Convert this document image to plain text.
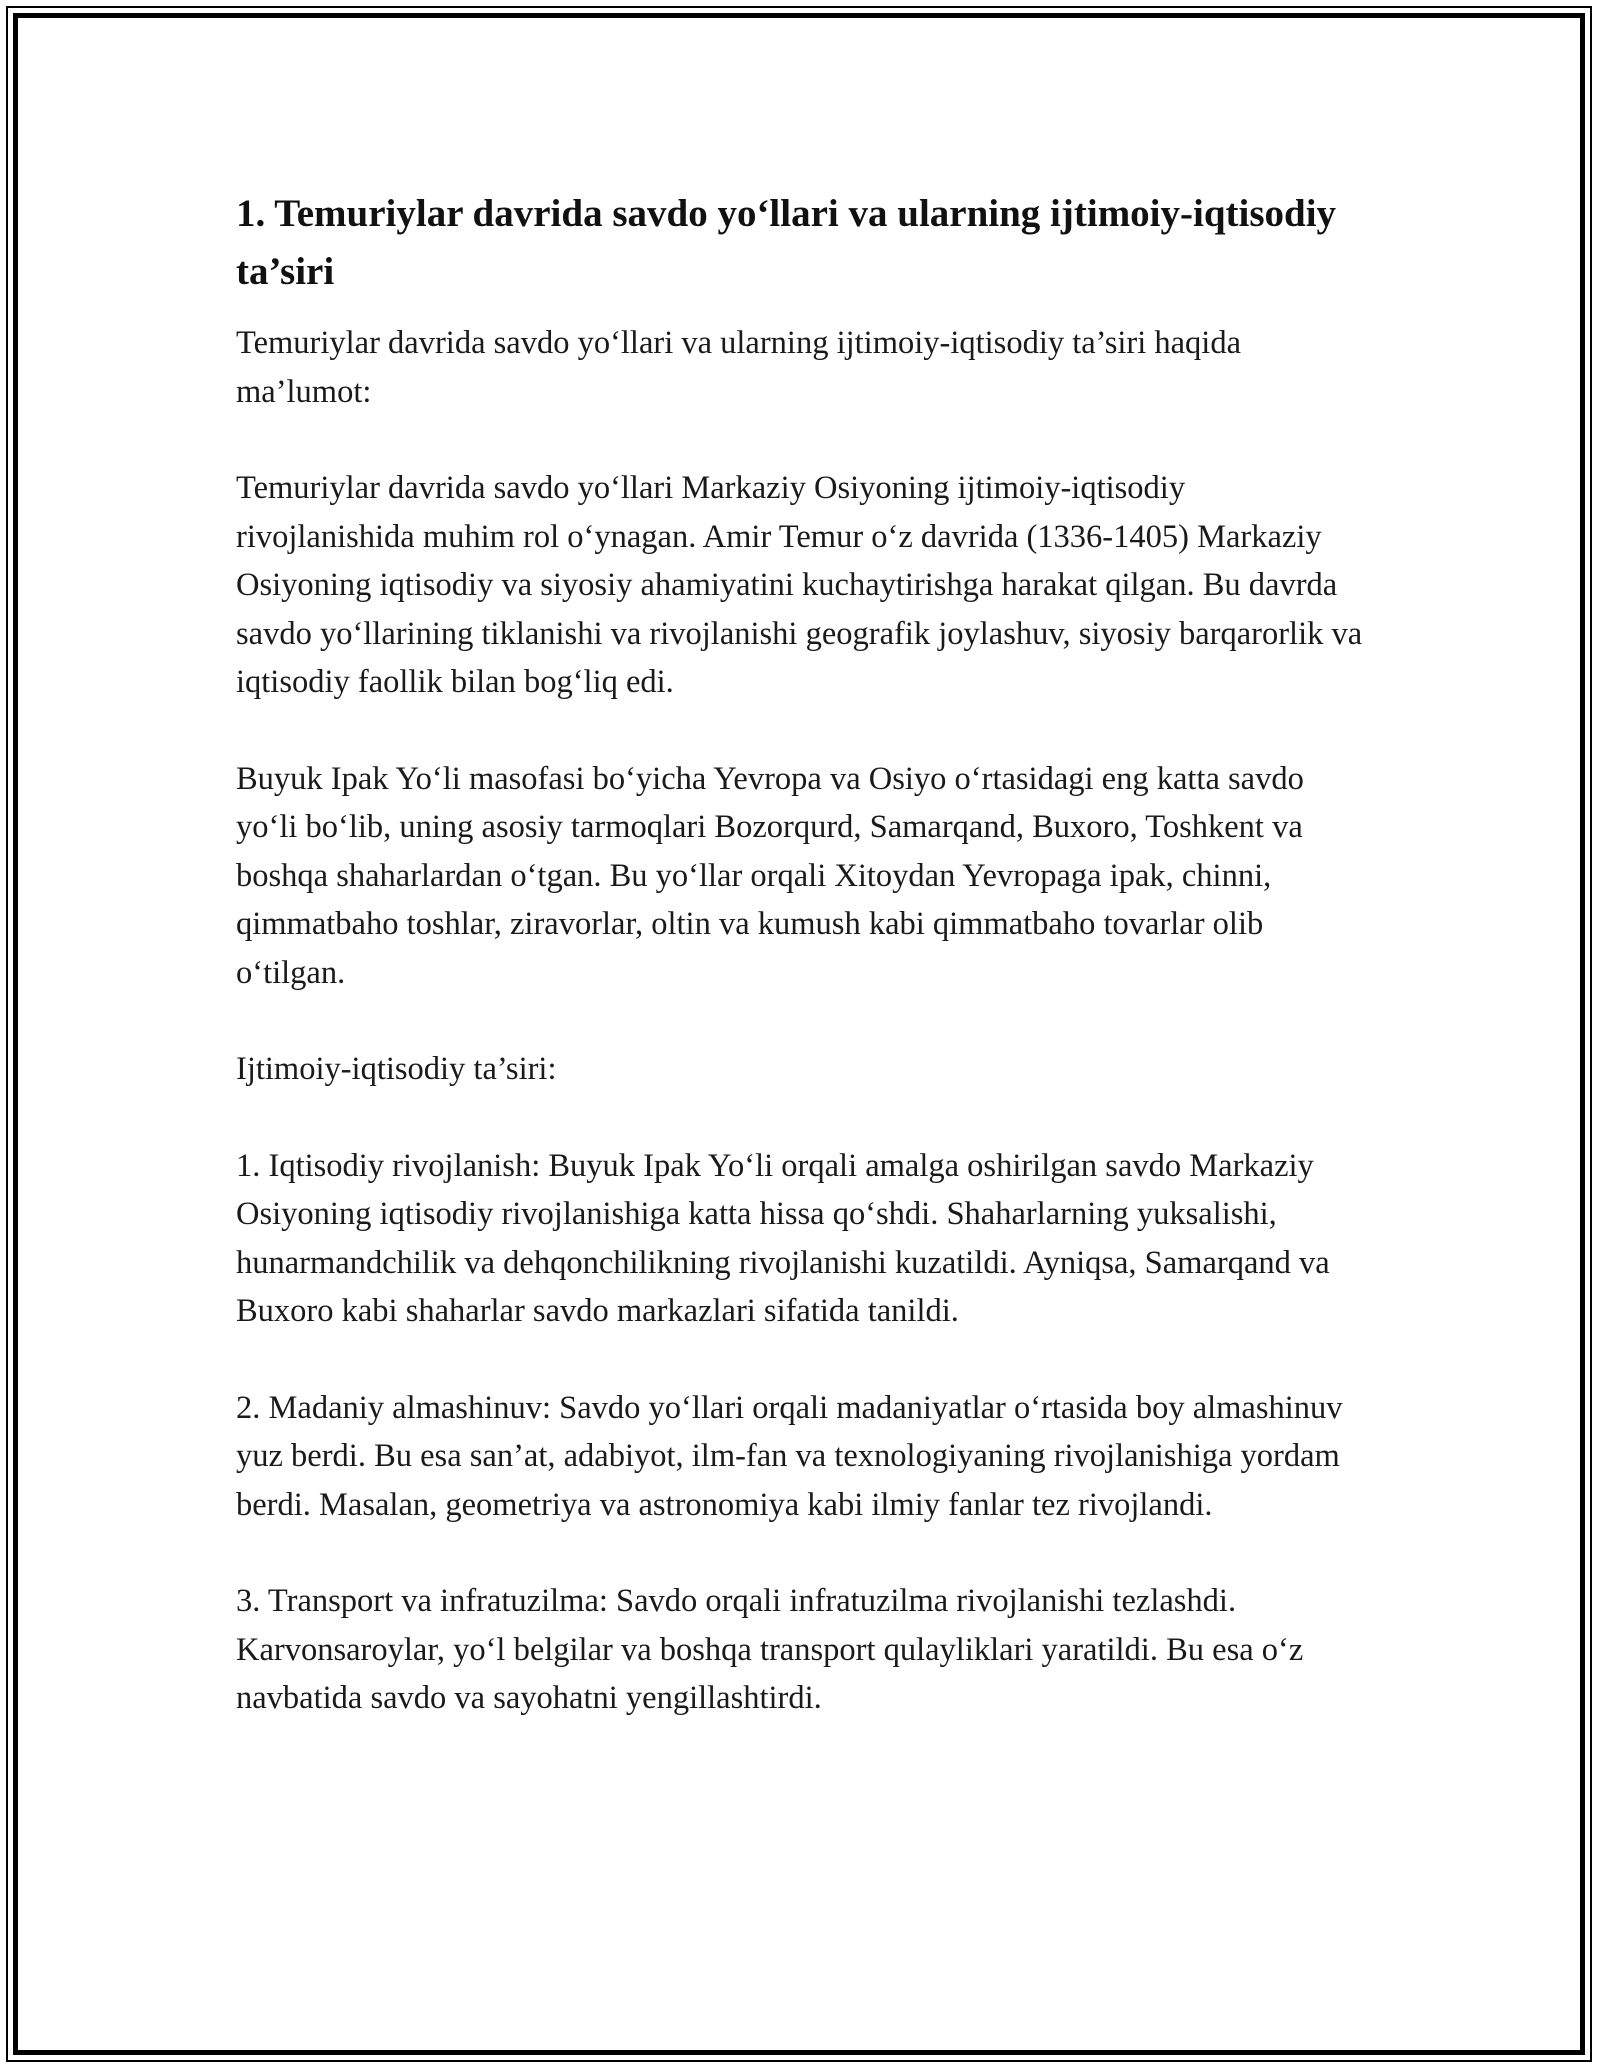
1. Temuriylar davrida savdo yo‘llari va ularning ijtimoiy-iqtisodiy ta’siri

Temuriylar davrida savdo yo‘llari va ularning ijtimoiy-iqtisodiy ta’siri haqida ma’lumot:

Temuriylar davrida savdo yo‘llari Markaziy Osiyoning ijtimoiy-iqtisodiy rivojlanishida muhim rol o‘ynagan. Amir Temur o‘z davrida (1336-1405) Markaziy Osiyoning iqtisodiy va siyosiy ahamiyatini kuchaytirishga harakat qilgan. Bu davrda savdo yo‘llarining tiklanishi va rivojlanishi geografik joylashuv, siyosiy barqarorlik va iqtisodiy faollik bilan bog‘liq edi.

Buyuk Ipak Yo‘li masofasi bo‘yicha Yevropa va Osiyo o‘rtasidagi eng katta savdo yo‘li bo‘lib, uning asosiy tarmoqlari Bozorqurd, Samarqand, Buxoro, Toshkent va boshqa shaharlardan o‘tgan. Bu yo‘llar orqali Xitoydan Yevropaga ipak, chinni, qimmatbaho toshlar, ziravorlar, oltin va kumush kabi qimmatbaho tovarlar olib o‘tilgan.

Ijtimoiy-iqtisodiy ta’siri:

1. Iqtisodiy rivojlanish: Buyuk Ipak Yo‘li orqali amalga oshirilgan savdo Markaziy Osiyoning iqtisodiy rivojlanishiga katta hissa qo‘shdi. Shaharlarning yuksalishi, hunarmandchilik va dehqonchilikning rivojlanishi kuzatildi. Ayniqsa, Samarqand va Buxoro kabi shaharlar savdo markazlari sifatida tanildi.

2. Madaniy almashinuv: Savdo yo‘llari orqali madaniyatlar o‘rtasida boy almashinuv yuz berdi. Bu esa san’at, adabiyot, ilm-fan va texnologiyaning rivojlanishiga yordam berdi. Masalan, geometriya va astronomiya kabi ilmiy fanlar tez rivojlandi.

3. Transport va infratuzilma: Savdo orqali infratuzilma rivojlanishi tezlashdi. Karvonsaroylar, yo‘l belgilar va boshqa transport qulayliklari yaratildi. Bu esa o‘z navbatida savdo va sayohatni yengillashtirdi.
